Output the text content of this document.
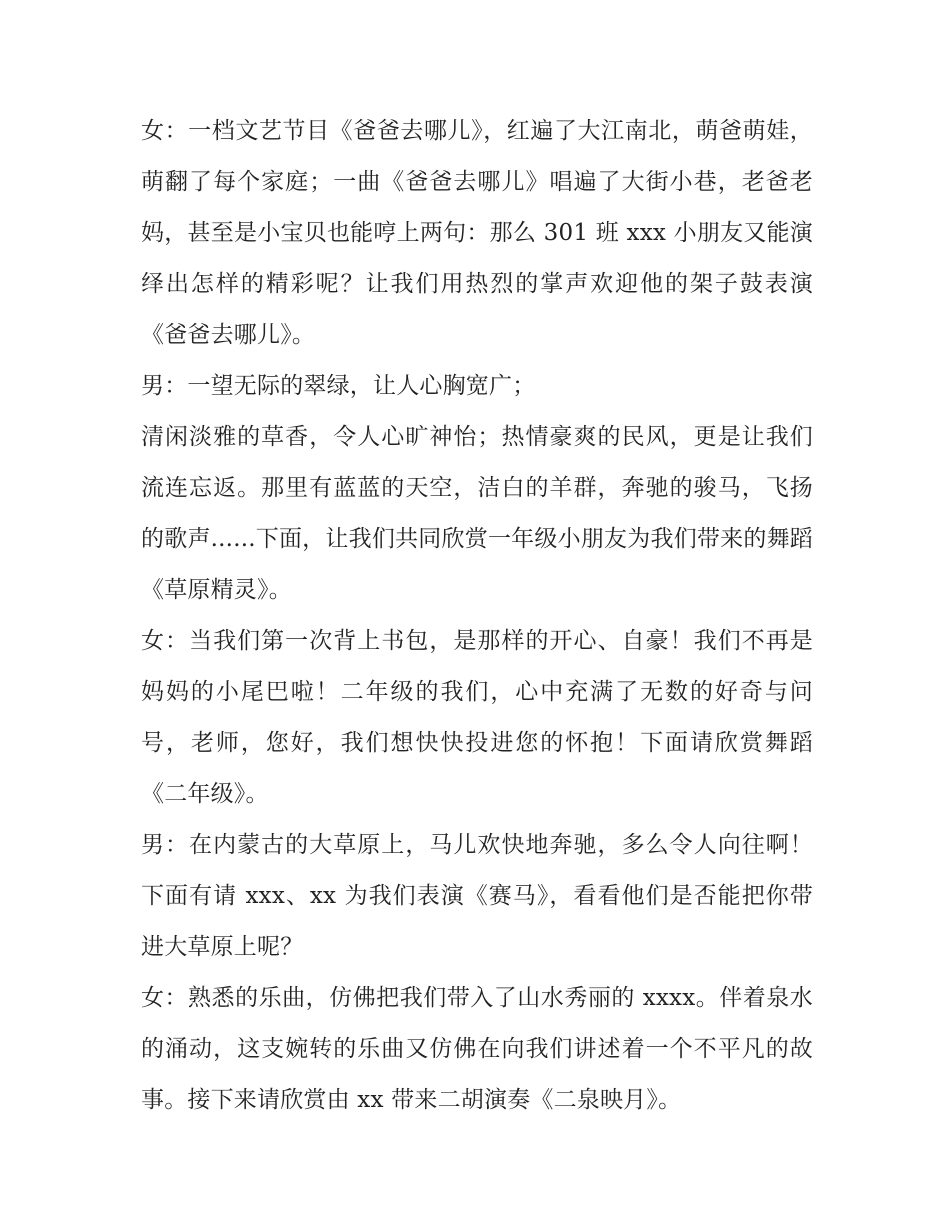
女：一档文艺节目《爸爸去哪儿》，红遍了大江南北，萌爸萌娃，萌翻了每个家庭；一曲《爸爸去哪儿》唱遍了大街小巷，老爸老妈，甚至是小宝贝也能哼上两句：那么 301 班 xxx 小朋友又能演绎出怎样的精彩呢？让我们用热烈的掌声欢迎他的架子鼓表演《爸爸去哪儿》。

男：一望无际的翠绿，让人心胸宽广；

清闲淡雅的草香，令人心旷神怡；热情豪爽的民风，更是让我们流连忘返。那里有蓝蓝的天空，洁白的羊群，奔驰的骏马，飞扬的歌声......下面，让我们共同欣赏一年级小朋友为我们带来的舞蹈《草原精灵》。

女：当我们第一次背上书包，是那样的开心、自豪！我们不再是妈妈的小尾巴啦！二年级的我们，心中充满了无数的好奇与问号，老师，您好，我们想快快投进您的怀抱！下面请欣赏舞蹈《二年级》。

男：在内蒙古的大草原上，马儿欢快地奔驰，多么令人向往啊！下面有请 xxx、xx 为我们表演《赛马》，看看他们是否能把你带进大草原上呢？

女：熟悉的乐曲，仿佛把我们带入了山水秀丽的 xxxx。伴着泉水的涌动，这支婉转的乐曲又仿佛在向我们讲述着一个不平凡的故事。接下来请欣赏由 xx 带来二胡演奏《二泉映月》。
